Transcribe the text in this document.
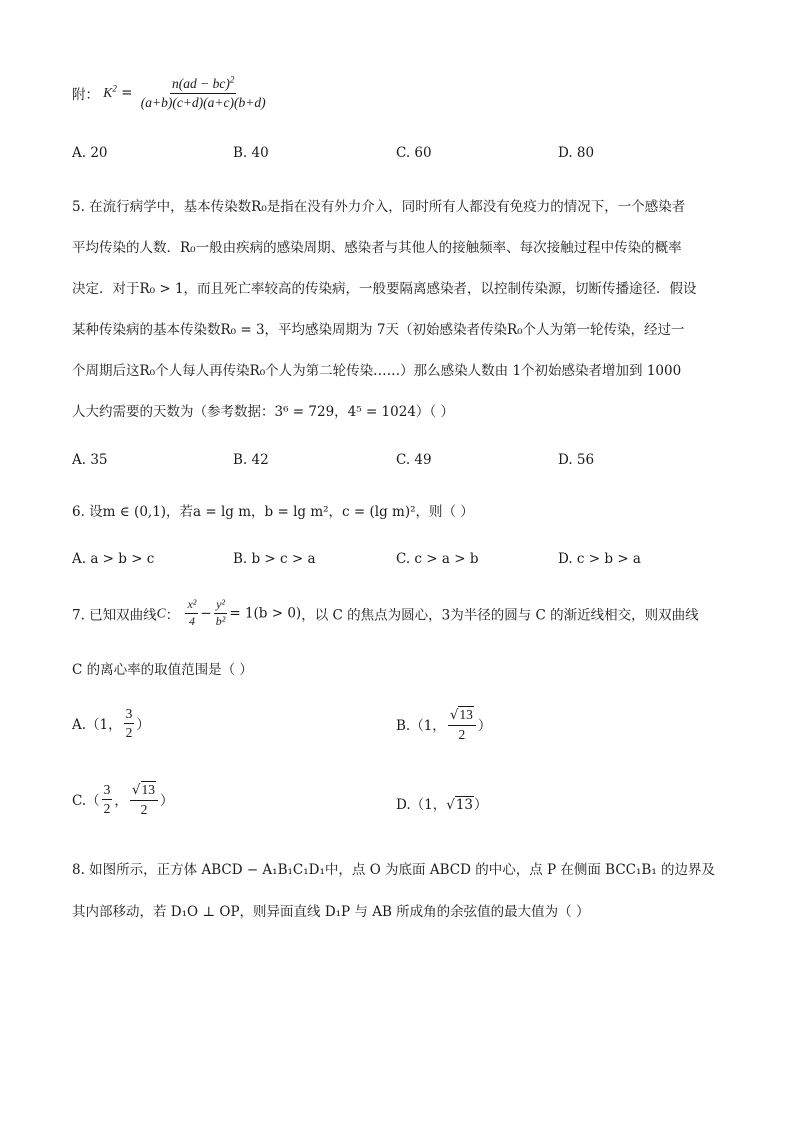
附： $K^2 = \frac{n(ad - bc)^2}{(a+b)(c+d)(a+c)(b+d)}$
A. 20	B. 40	C. 60	D. 80
5. 在流行病学中，基本传染数R₀是指在没有外力介入，同时所有人都没有免疫力的情况下，一个感染者
平均传染的人数．R₀一般由疾病的感染周期、感染者与其他人的接触频率、每次接触过程中传染的概率
决定．对于R₀ > 1，而且死亡率较高的传染病，一般要隔离感染者，以控制传染源，切断传播途径．假设
某种传染病的基本传染数R₀ = 3，平均感染周期为 7天（初始感染者传染R₀个人为第一轮传染，经过一
个周期后这R₀个人每人再传染R₀个人为第二轮传染……）那么感染人数由 1个初始感染者增加到 1000
人大约需要的天数为（参考数据：3⁶ = 729，4⁵ = 1024）（ ）
A. 35	B. 42	C. 49	D. 56
6. 设m ∈ (0,1)，若a = lg m，b = lg m²，c = (lg m)²，则（ ）
A. a > b > c	B. b > c > a	C. c > a > b	D. c > b > a
7. 已知双曲线C： $\frac{\text{x²}}{4} - \frac{\text{y²}}{\text{b²}} = 1(b > 0)$，以 C 的焦点为圆心，3为半径的圆与 C 的渐近线相交，则双曲线
C 的离心率的取值范围是（ ）
A.（1， $\frac{3}{2}$ ）	B.（1， $\frac{√13}{2}$ ）
$C.( \frac{3}{2}$ ， $\frac{√13}{2}$ ）	D.（1，√13）
8. 如图所示，正方体 ABCD − A₁B₁C₁D₁中，点 O 为底面 ABCD 的中心，点 P 在侧面 BCC₁B₁ 的边界及
其内部移动，若 D₁O ⊥ OP，则异面直线 D₁P 与 AB 所成角的余弦值的最大值为（ ）
